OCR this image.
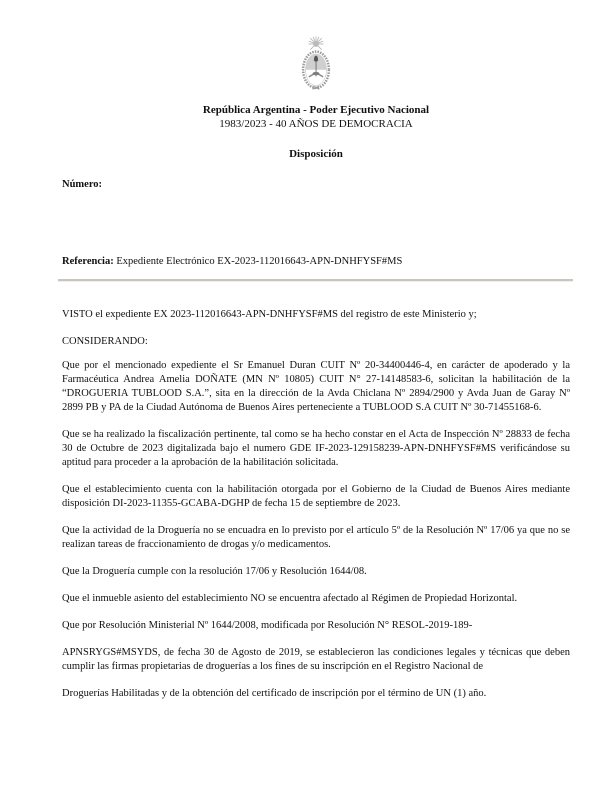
República Argentina - Poder Ejecutivo Nacional
1983/2023 - 40 AÑOS DE DEMOCRACIA
Disposición
Número:
Referencia: Expediente Electrónico EX-2023-112016643-APN-DNHFYSF#MS

VISTO el expediente EX 2023-112016643-APN-DNHFYSF#MS del registro de este Ministerio y;

CONSIDERANDO:

Que por el mencionado expediente el Sr Emanuel Duran CUIT Nº 20-34400446-4, en carácter de apoderado y la Farmacéutica Andrea Amelia DOÑATE (MN Nº 10805) CUIT N° 27-14148583-6, solicitan la habilitación de la “DROGUERIA TUBLOOD S.A.”, sita en la dirección de la Avda Chiclana Nº 2894/2900 y Avda Juan de Garay Nº 2899 PB y PA de la Ciudad Autónoma de Buenos Aires perteneciente a TUBLOOD S.A CUIT Nº 30-71455168-6.

Que se ha realizado la fiscalización pertinente, tal como se ha hecho constar en el Acta de Inspección Nº 28833 de fecha 30 de Octubre de 2023 digitalizada bajo el numero GDE IF-2023-129158239-APN-DNHFYSF#MS verificándose su aptitud para proceder a la aprobación de la habilitación solicitada.

Que el establecimiento cuenta con la habilitación otorgada por el Gobierno de la Ciudad de Buenos Aires mediante disposición DI-2023-11355-GCABA-DGHP de fecha 15 de septiembre de 2023.

Que la actividad de la Droguería no se encuadra en lo previsto por el artículo 5º de la Resolución Nº 17/06 ya que no se realizan tareas de fraccionamiento de drogas y/o medicamentos.

Que la Droguería cumple con la resolución 17/06 y Resolución 1644/08.

Que el inmueble asiento del establecimiento NO se encuentra afectado al Régimen de Propiedad Horizontal.

Que por Resolución Ministerial Nº 1644/2008, modificada por Resolución N° RESOL-2019-189-

APNSRYGS#MSYDS, de fecha 30 de Agosto de 2019, se establecieron las condiciones legales y técnicas que deben cumplir las firmas propietarias de droguerías a los fines de su inscripción en el Registro Nacional de

Droguerías Habilitadas y de la obtención del certificado de inscripción por el término de UN (1) año.
